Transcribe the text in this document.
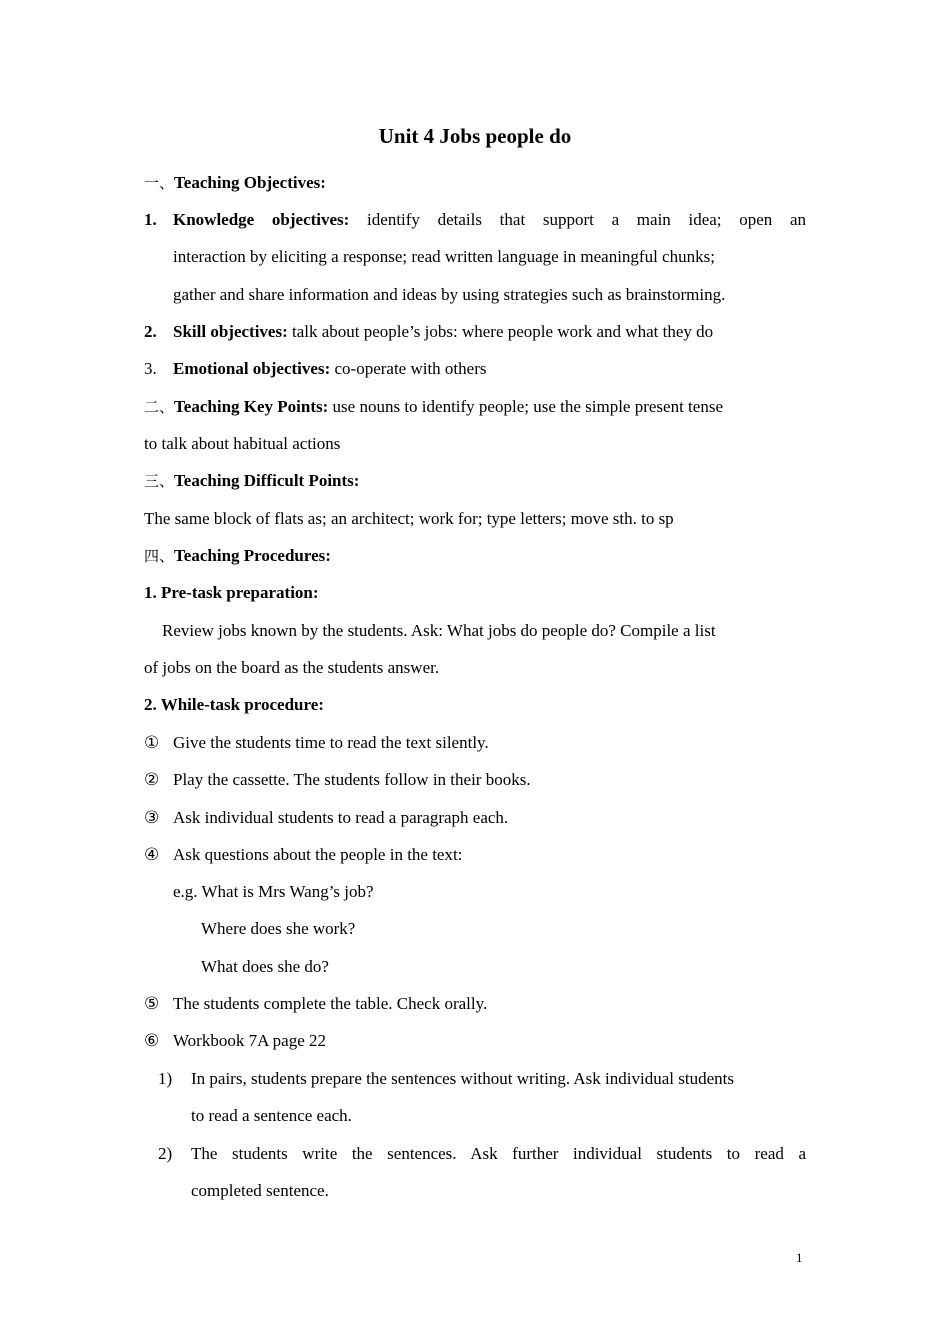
Unit 4 Jobs people do
一、Teaching Objectives:
1. Knowledge objectives: identify details that support a main idea; open an
interaction by eliciting a response; read written language in meaningful chunks;
gather and share information and ideas by using strategies such as brainstorming.
2. Skill objectives: talk about people’s jobs: where people work and what they do
3. Emotional objectives: co-operate with others
二、Teaching Key Points: use nouns to identify people; use the simple present tense
to talk about habitual actions
三、Teaching Difficult Points:
The same block of flats as; an architect; work for; type letters; move sth. to sp
四、Teaching Procedures:
1. Pre-task preparation:
Review jobs known by the students. Ask: What jobs do people do? Compile a list
of jobs on the board as the students answer.
2. While-task procedure:
① Give the students time to read the text silently.
② Play the cassette. The students follow in their books.
③ Ask individual students to read a paragraph each.
④ Ask questions about the people in the text:
e.g. What is Mrs Wang’s job?
Where does she work?
What does she do?
⑤ The students complete the table. Check orally.
⑥ Workbook 7A page 22
1) In pairs, students prepare the sentences without writing. Ask individual students
to read a sentence each.
2) The students write the sentences. Ask further individual students to read a
completed sentence.
1
